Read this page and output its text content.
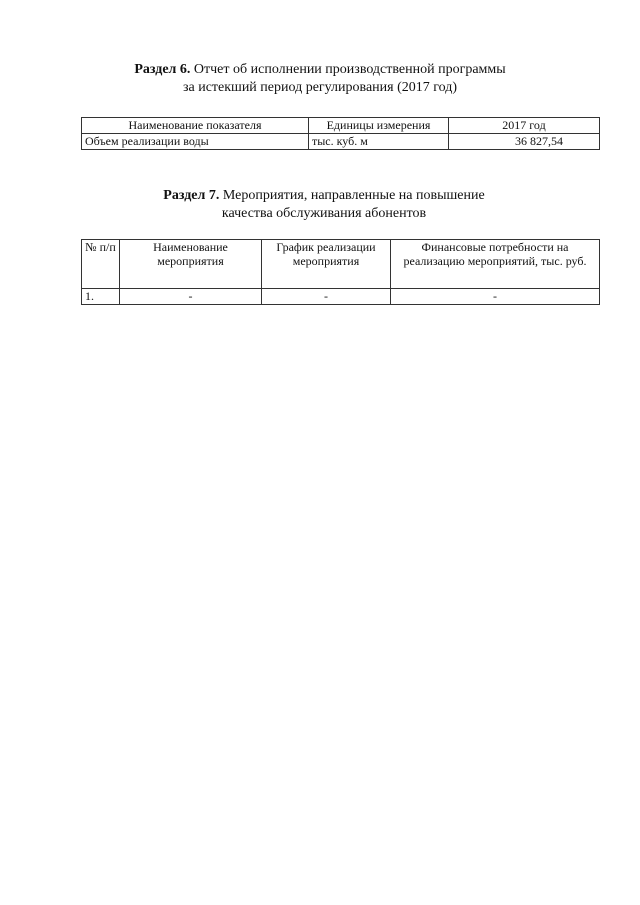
Раздел 6. Отчет об исполнении производственной программы
за истекший период регулирования (2017 год)
Наименование показателя	Единицы измерения	2017 год
Объем реализации воды	тыс. куб. м	36 827,54
Раздел 7. Мероприятия, направленные на повышение
качества обслуживания абонентов
№ п/п	Наименование мероприятия	График реализации мероприятия	Финансовые потребности на реализацию мероприятий, тыс. руб.
1.	-	-	-
